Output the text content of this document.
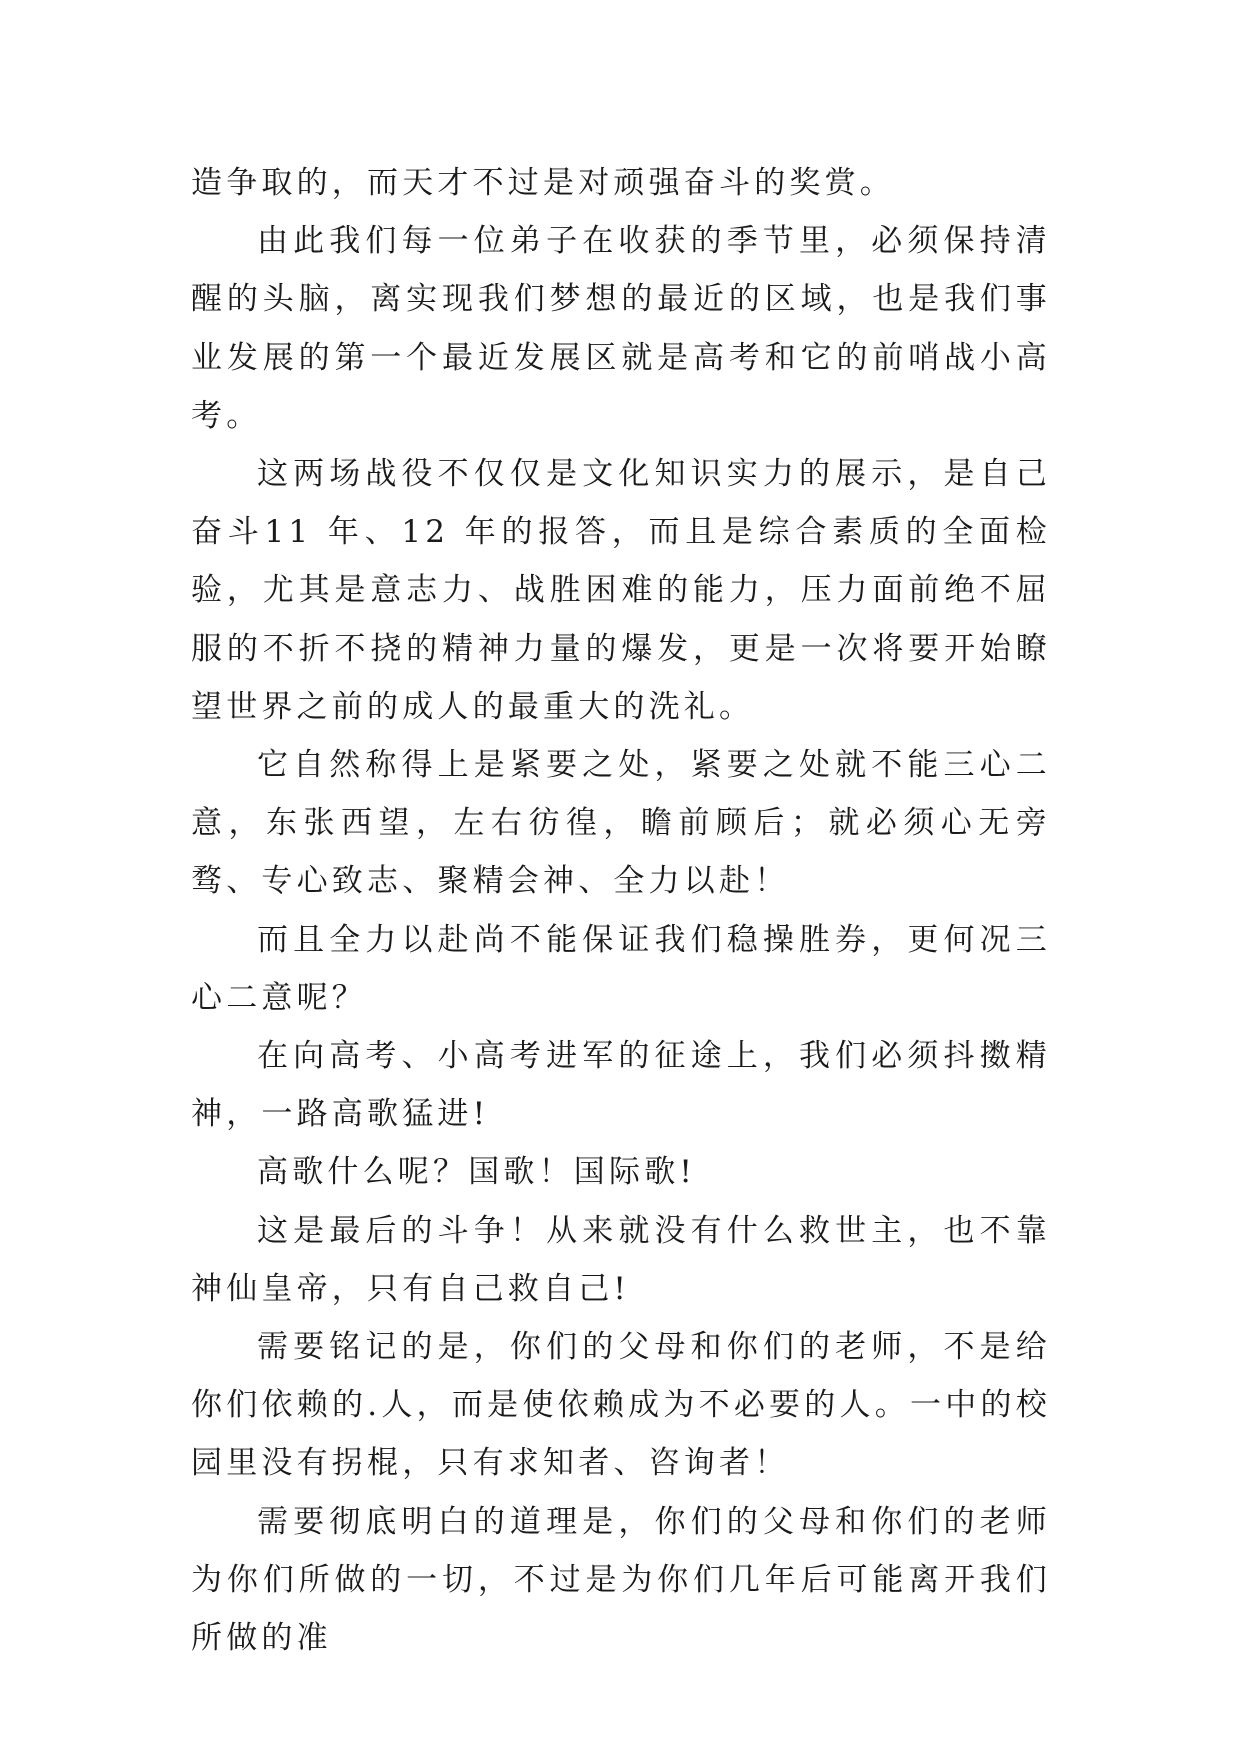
造争取的，而天才不过是对顽强奋斗的奖赏。

由此我们每一位弟子在收获的季节里，必须保持清醒的头脑，离实现我们梦想的最近的区域，也是我们事业发展的第一个最近发展区就是高考和它的前哨战小高考。

这两场战役不仅仅是文化知识实力的展示，是自己奋斗11 年、12 年的报答，而且是综合素质的全面检验，尤其是意志力、战胜困难的能力，压力面前绝不屈服的不折不挠的精神力量的爆发，更是一次将要开始瞭望世界之前的成人的最重大的洗礼。

它自然称得上是紧要之处，紧要之处就不能三心二意，东张西望，左右彷徨，瞻前顾后；就必须心无旁骛、专心致志、聚精会神、全力以赴！

而且全力以赴尚不能保证我们稳操胜券，更何况三心二意呢？

在向高考、小高考进军的征途上，我们必须抖擞精神，一路高歌猛进!

高歌什么呢？国歌！国际歌!

这是最后的斗争！从来就没有什么救世主，也不靠神仙皇帝，只有自己救自己!

需要铭记的是，你们的父母和你们的老师，不是给你们依赖的.人，而是使依赖成为不必要的人。一中的校园里没有拐棍，只有求知者、咨询者！

需要彻底明白的道理是，你们的父母和你们的老师为你们所做的一切，不过是为你们几年后可能离开我们所做的准
